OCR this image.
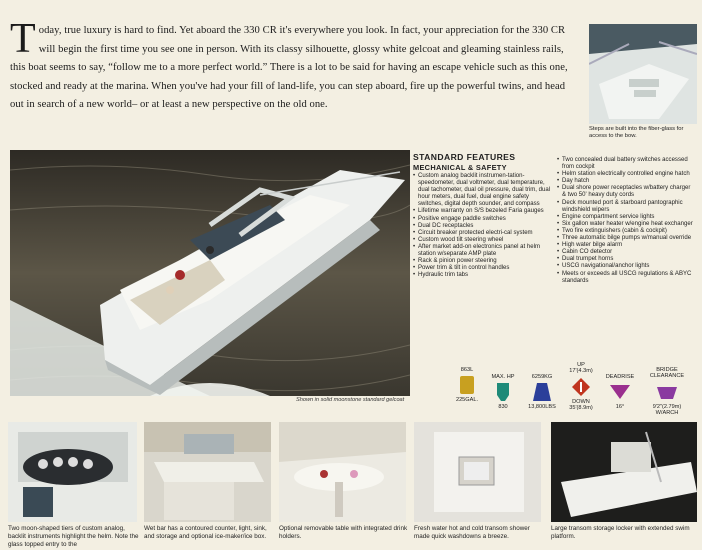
T oday, true luxury is hard to find. Yet aboard the 330 CR it's everywhere you look. In fact, your appreciation for the 330 CR will begin the first time you see one in person. With its classy silhouette, glossy white gelcoat and gleaming stainless rails, this boat seems to say, “follow me to a more perfect world.” There is a lot to be said for having an escape vehicle such as this one, stocked and ready at the marina. When you've had your fill of land-life, you can step aboard, fire up the powerful twins, and head out in search of a new world– or at least a new perspective on the old one.
Steps are built into the fiber-glass for access to the bow.
Shown in solid moonstone standard gelcoat
STANDARD FEATURES
MECHANICAL & SAFETY
• Custom analog backlit instrumen-tation-speedometer, dual voltmeter, dual temperature, dual tachometer, dual oil pressure, dual trim, dual hour meters, dual fuel, dual engine safety switches, digital depth sounder, and compass
• Lifetime warranty on S/S bezeled Faria gauges
• Positive engage paddle switches
• Dual DC receptacles
• Circuit breaker protected electri-cal system
• Custom wood tilt steering wheel
• After market add-on electronics panel at helm station w/separate AMP plate
• Rack & pinion power steering
• Power trim & tilt in control handles
• Hydraulic trim tabs
• Two concealed dual battery switches accessed from cockpit
• Helm station electrically controlled engine hatch
• Day hatch
• Dual shore power receptacles w/battery charger & two 50' heavy duty cords
• Deck mounted port & starboard pantographic windshield wipers
• Engine compartment service lights
• Six gallon water heater w/engine heat exchanger
• Two fire extinguishers (cabin & cockpit)
• Three automatic bilge pumps w/manual override
• High water bilge alarm
• Cabin CO detector
• Dual trumpet horns
• USCG navigational/anchor lights
• Meets or exceeds all USCG regulations & ABYC standards
863L
225GAL.
MAX. HP
830
6259KG
13,800LBS
UP
17'(4.3m)
DOWN
35'(8.9m)
DEADRISE
16°
BRIDGE CLEARANCE
9'2"(2.79m)
W/ARCH
Two moon-shaped tiers of custom analog, backlit instruments highlight the helm. Note the glass topped entry to the
Wet bar has a contoured counter, light, sink, and storage and optional ice-maker/ice box.
Optional removable table with integrated drink holders.
Fresh water hot and cold transom shower made quick washdowns a breeze.
Large transom storage locker with extended swim platform.
